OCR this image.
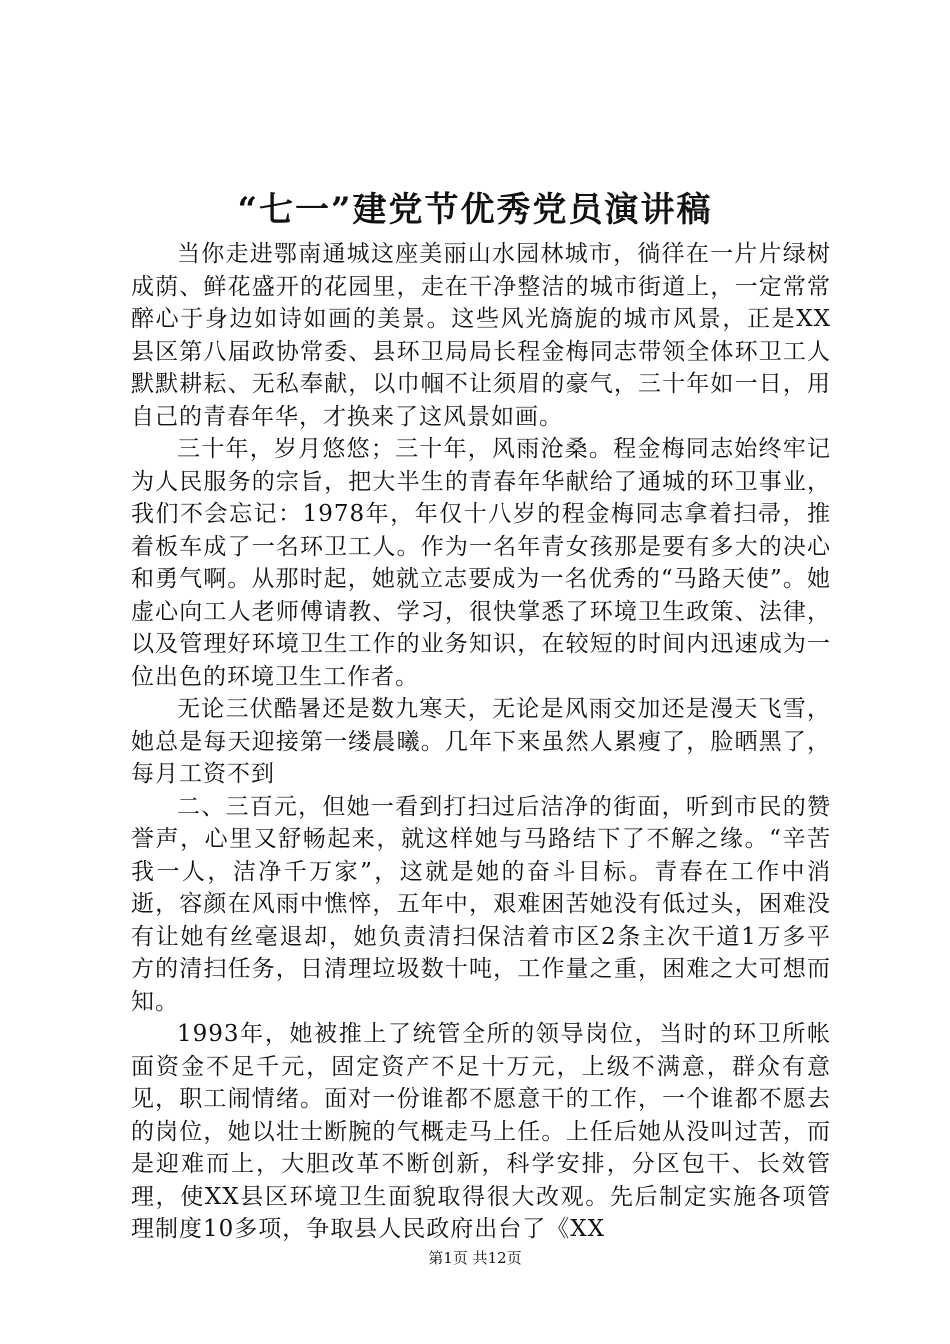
“七一”建党节优秀党员演讲稿

当你走进鄂南通城这座美丽山水园林城市，徜徉在一片片绿树成荫、鲜花盛开的花园里，走在干净整洁的城市街道上，一定常常醉心于身边如诗如画的美景。这些风光旖旎的城市风景，正是XX县区第八届政协常委、县环卫局局长程金梅同志带领全体环卫工人默默耕耘、无私奉献，以巾帼不让须眉的豪气，三十年如一日，用自己的青春年华，才换来了这风景如画。

三十年，岁月悠悠；三十年，风雨沧桑。程金梅同志始终牢记为人民服务的宗旨，把大半生的青春年华献给了通城的环卫事业，我们不会忘记：1978年，年仅十八岁的程金梅同志拿着扫帚，推着板车成了一名环卫工人。作为一名年青女孩那是要有多大的决心和勇气啊。从那时起，她就立志要成为一名优秀的“马路天使”。她虚心向工人老师傅请教、学习，很快掌悉了环境卫生政策、法律，以及管理好环境卫生工作的业务知识，在较短的时间内迅速成为一位出色的环境卫生工作者。

无论三伏酷暑还是数九寒天，无论是风雨交加还是漫天飞雪，她总是每天迎接第一缕晨曦。几年下来虽然人累瘦了，脸晒黑了，每月工资不到

二、三百元，但她一看到打扫过后洁净的街面，听到市民的赞誉声，心里又舒畅起来，就这样她与马路结下了不解之缘。“辛苦我一人，洁净千万家”，这就是她的奋斗目标。青春在工作中消逝，容颜在风雨中憔悴，五年中，艰难困苦她没有低过头，困难没有让她有丝毫退却，她负责清扫保洁着市区2条主次干道1万多平方的清扫任务，日清理垃圾数十吨，工作量之重，困难之大可想而知。

1993年，她被推上了统管全所的领导岗位，当时的环卫所帐面资金不足千元，固定资产不足十万元，上级不满意，群众有意见，职工闹情绪。面对一份谁都不愿意干的工作，一个谁都不愿去的岗位，她以壮士断腕的气概走马上任。上任后她从没叫过苦，而是迎难而上，大胆改革不断创新，科学安排，分区包干、长效管理，使XX县区环境卫生面貌取得很大改观。先后制定实施各项管理制度10多项，争取县人民政府出台了《XX

第1页 共12页
